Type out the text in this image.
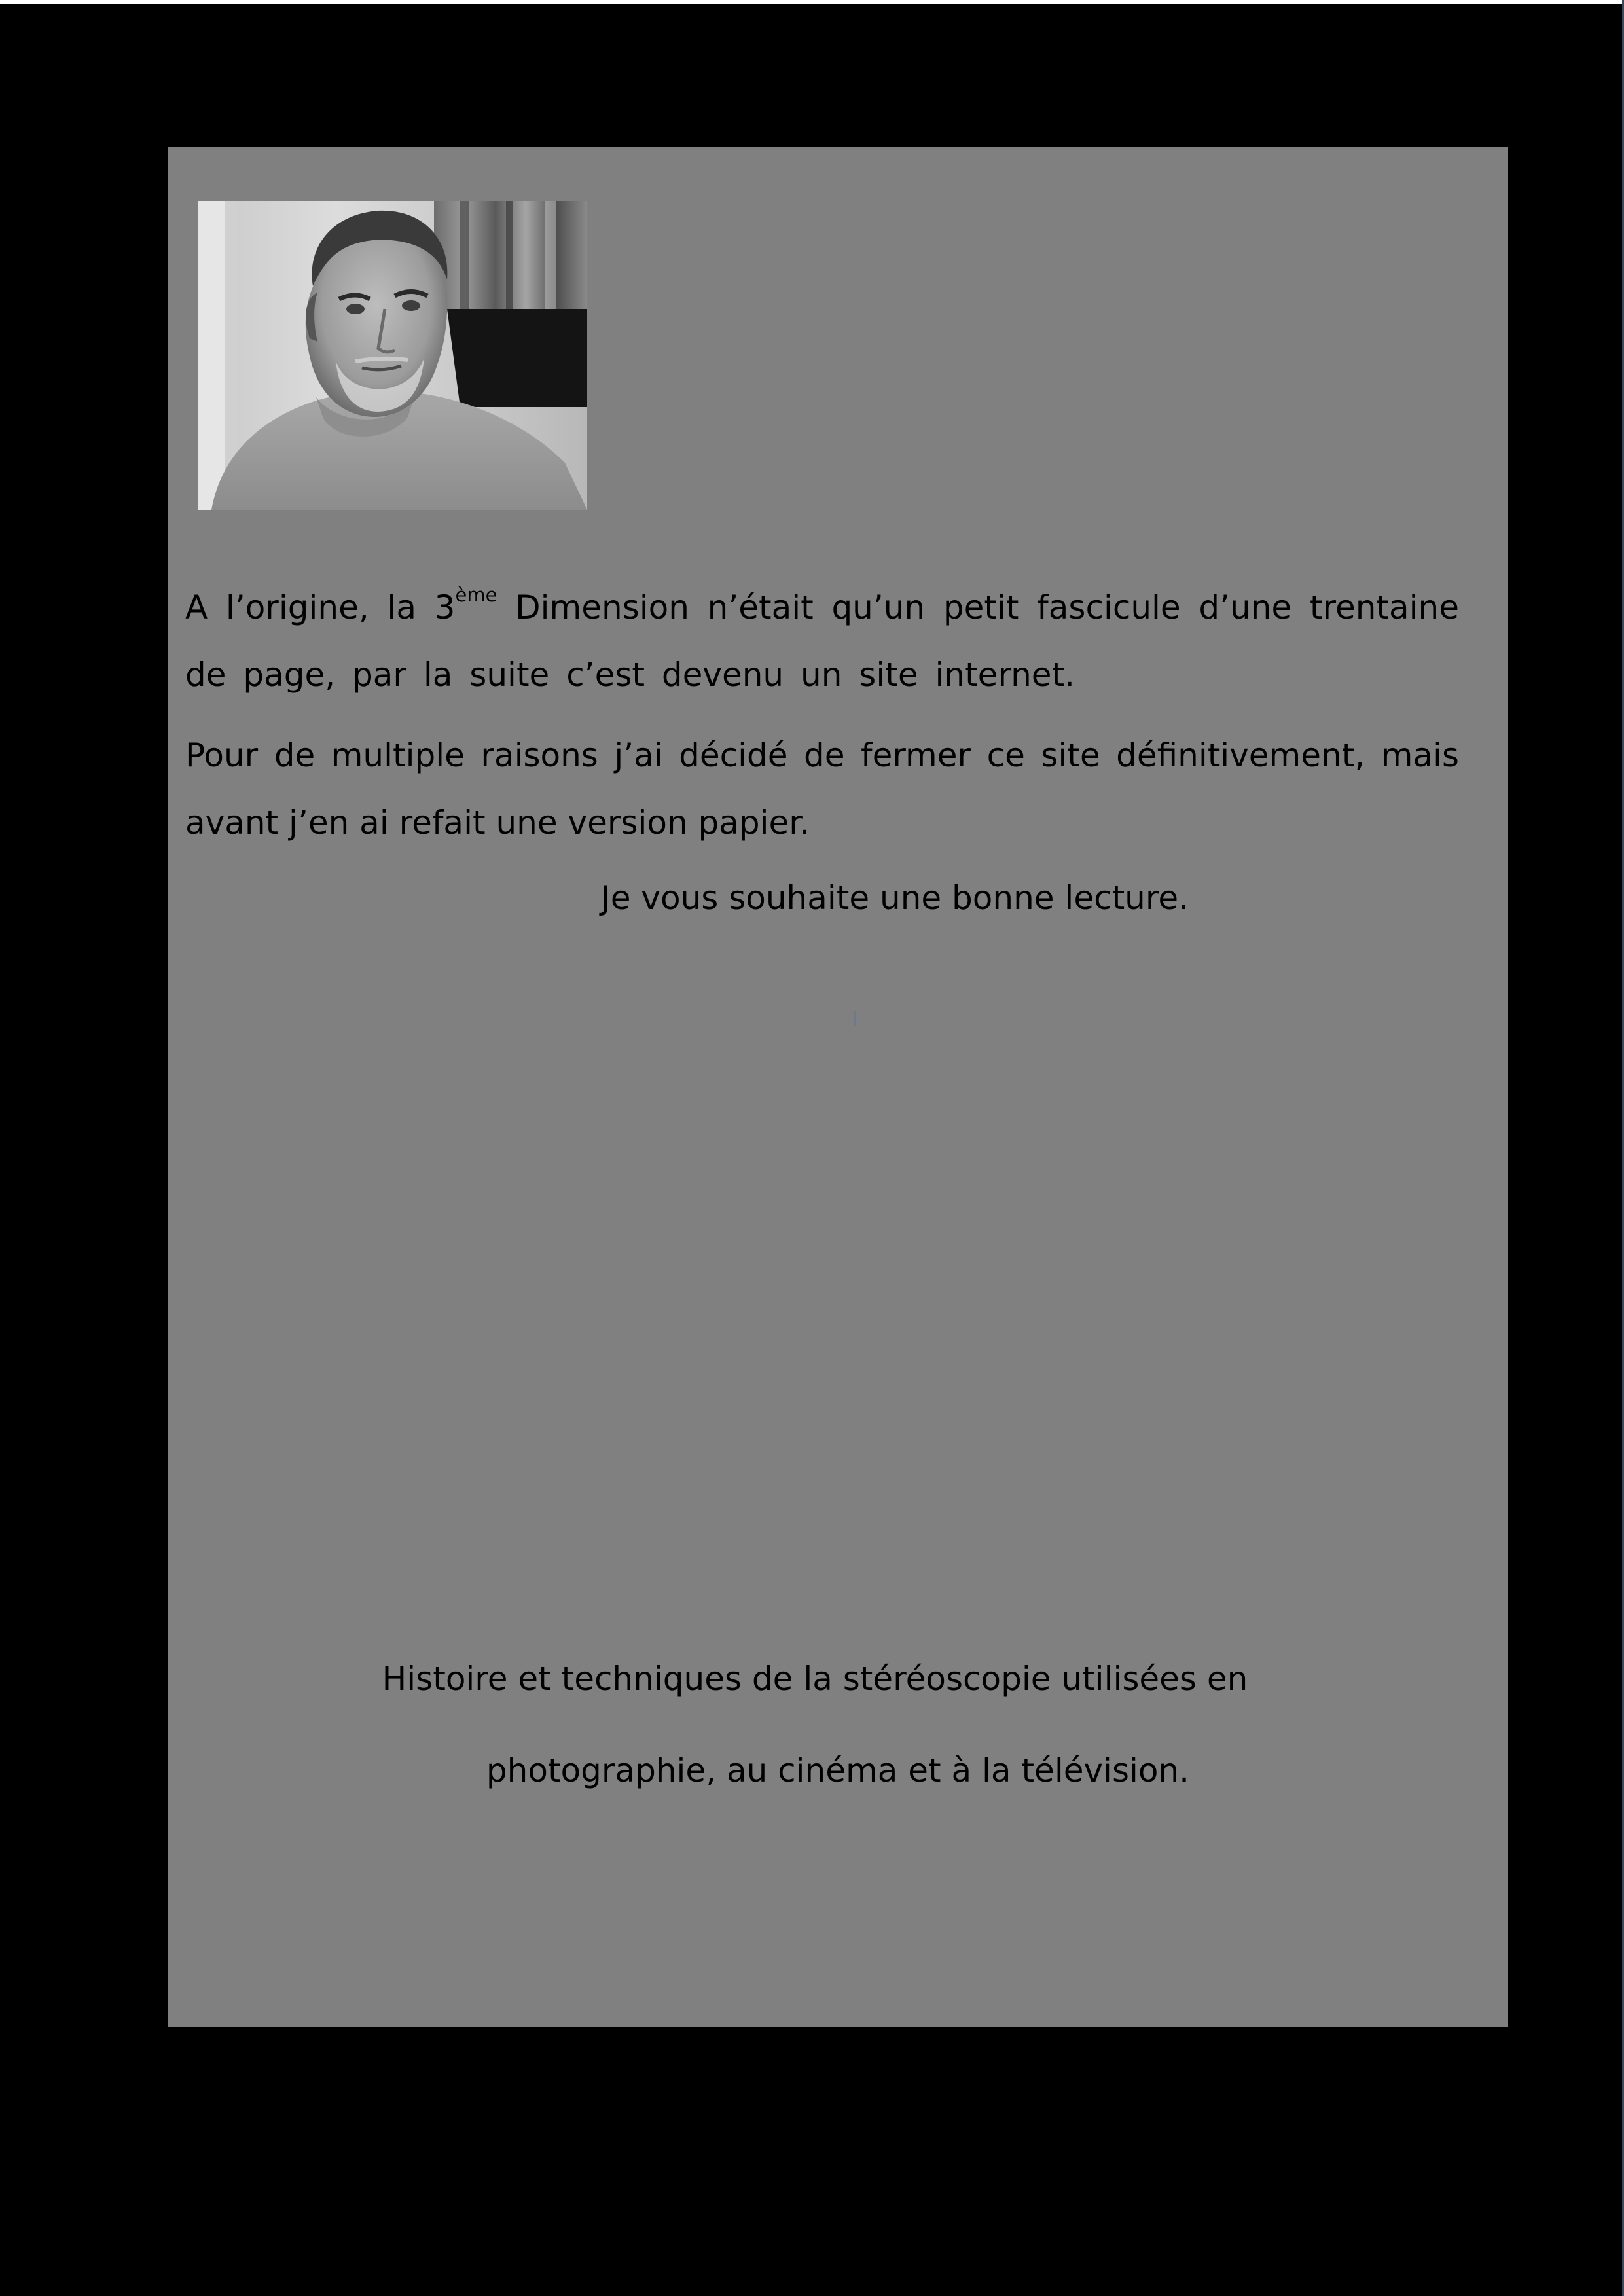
A l’origine, la 3ème Dimension n’était qu’un petit fascicule d’une trentaine de page, par la suite c’est devenu un site internet.

Pour de multiple raisons j’ai décidé de fermer ce site définitivement, mais avant j’en ai refait une version papier.

Je vous souhaite une bonne lecture.
Histoire et techniques de la stéréoscopie utilisées en
photographie, au cinéma et à la télévision.
